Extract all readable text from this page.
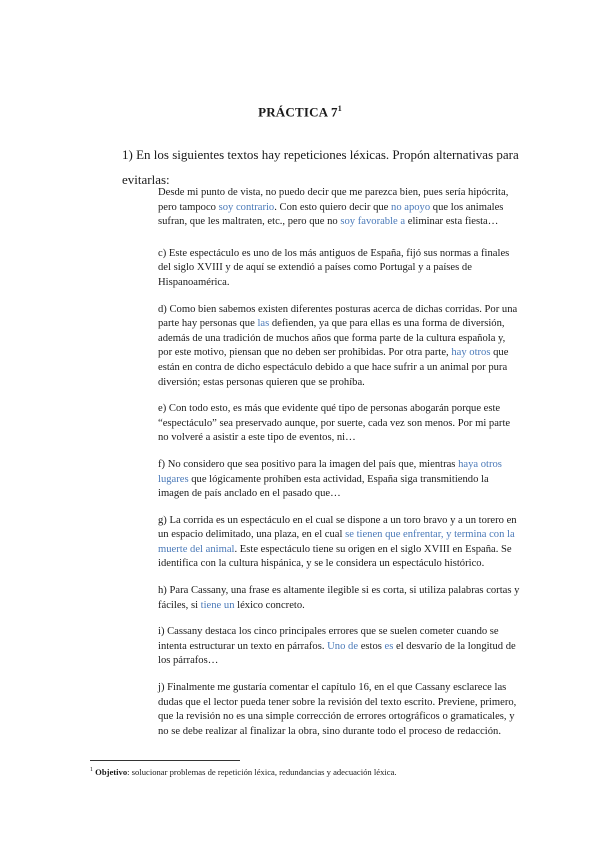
PRÁCTICA $7^1$
1) En los siguientes textos hay repeticiones léxicas. Propón alternativas para evitarlas:

Desde mi punto de vista, no puedo decir que me parezca bien, pues sería hipócrita, pero tampoco soy contrario. Con esto quiero decir que no apoyo que los animales sufran, que les maltraten, etc., pero que no soy favorable a eliminar esta fiesta…

c) Este espectáculo es uno de los más antiguos de España, fijó sus normas a finales del siglo XVIII y de aquí se extendió a países como Portugal y a países de Hispanoamérica.

d) Como bien sabemos existen diferentes posturas acerca de dichas corridas. Por una parte hay personas que las defienden, ya que para ellas es una forma de diversión, además de una tradición de muchos años que forma parte de la cultura española y, por este motivo, piensan que no deben ser prohibidas. Por otra parte, hay otros que están en contra de dicho espectáculo debido a que hace sufrir a un animal por pura diversión; estas personas quieren que se prohíba.

e) Con todo esto, es más que evidente qué tipo de personas abogarán porque este “espectáculo” sea preservado aunque, por suerte, cada vez son menos. Por mi parte no volveré a asistir a este tipo de eventos, ni…

f) No considero que sea positivo para la imagen del país que, mientras haya otros lugares que lógicamente prohíben esta actividad, España siga transmitiendo la imagen de país anclado en el pasado que…

g) La corrida es un espectáculo en el cual se dispone a un toro bravo y a un torero en un espacio delimitado, una plaza, en el cual se tienen que enfrentar, y termina con la muerte del animal. Este espectáculo tiene su origen en el siglo XVIII en España. Se identifica con la cultura hispánica, y se le considera un espectáculo histórico.

h) Para Cassany, una frase es altamente ilegible si es corta, si utiliza palabras cortas y fáciles, si tiene un léxico concreto.

i) Cassany destaca los cinco principales errores que se suelen cometer cuando se intenta estructurar un texto en párrafos. Uno de estos es el desvarío de la longitud de los párrafos…

j) Finalmente me gustaría comentar el capítulo 16, en el que Cassany esclarece las dudas que el lector pueda tener sobre la revisión del texto escrito. Previene, primero, que la revisión no es una simple corrección de errores ortográficos o gramaticales, y no se debe realizar al finalizar la obra, sino durante todo el proceso de redacción.

$^1$ Objetivo: solucionar problemas de repetición léxica, redundancias y adecuación léxica.
